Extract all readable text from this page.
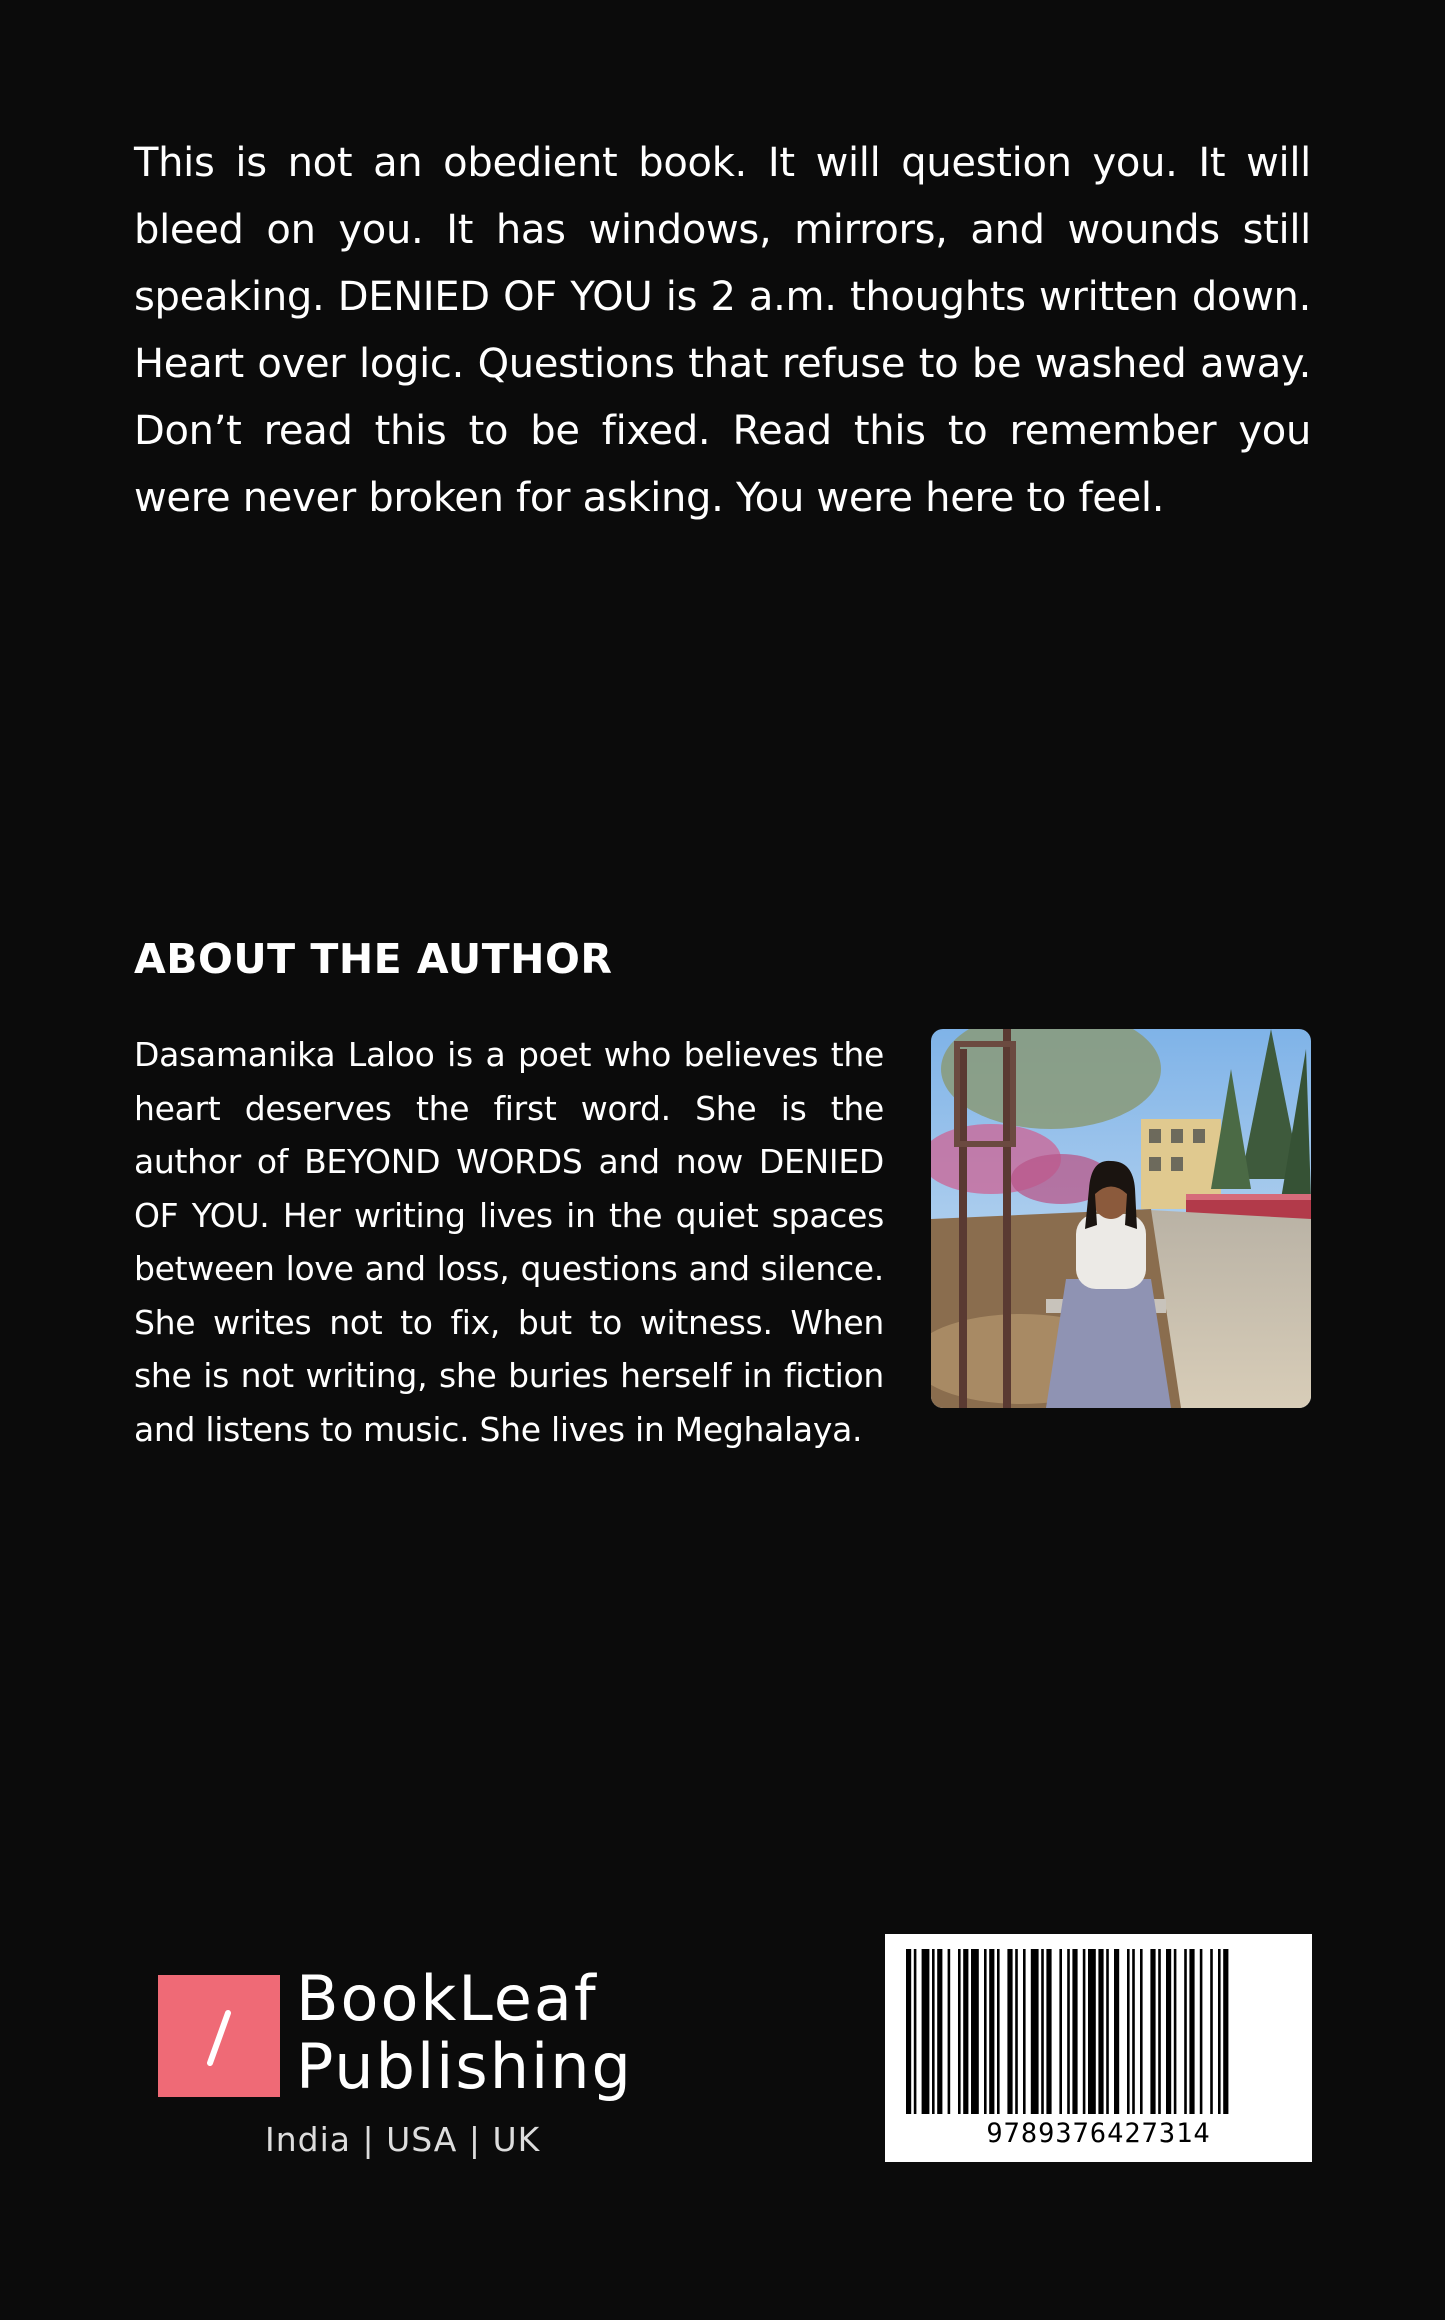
This is not an obedient book. It will question you. It will bleed on you. It has windows, mirrors, and wounds still speaking. DENIED OF YOU is 2 a.m. thoughts written down. Heart over logic. Questions that refuse to be washed away. Don’t read this to be fixed. Read this to remember you were never broken for asking. You were here to feel.

ABOUT THE AUTHOR

Dasamanika Laloo is a poet who believes the heart deserves the first word. She is the author of BEYOND WORDS and now DENIED OF YOU. Her writing lives in the quiet spaces between love and loss, questions and silence. She writes not to fix, but to witness. When she is not writing, she buries herself in fiction and listens to music. She lives in Meghalaya.

BookLeaf
Publishing

India | USA | UK	9789376427314
